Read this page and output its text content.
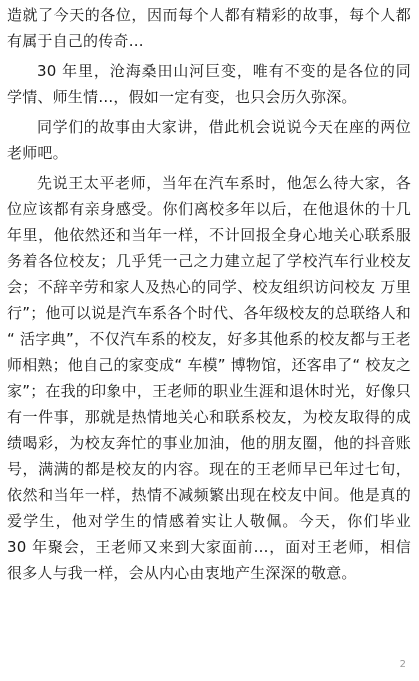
造就了今天的各位，因而每个人都有精彩的故事，每个人都有属于自己的传奇…

30 年里，沧海桑田山河巨变，唯有不变的是各位的同学情、师生情…，假如一定有变，也只会历久弥深。

同学们的故事由大家讲，借此机会说说今天在座的两位老师吧。

先说王太平老师，当年在汽车系时，他怎么待大家，各位应该都有亲身感受。你们离校多年以后，在他退休的十几年里，他依然还和当年一样，不计回报全身心地关心联系服务着各位校友；几乎凭一己之力建立起了学校汽车行业校友会；不辞辛劳和家人及热心的同学、校友组织访问校友 万里行”；他可以说是汽车系各个时代、各年级校友的总联络人和 “ 活字典”，不仅汽车系的校友，好多其他系的校友都与王老师相熟；他自己的家变成“ 车模” 博物馆，还客串了“ 校友之家”；在我的印象中，王老师的职业生涯和退休时光，好像只有一件事，那就是热情地关心和联系校友，为校友取得的成绩喝彩，为校友奔忙的事业加油，他的朋友圈，他的抖音账号，满满的都是校友的内容。现在的王老师早已年过七旬，依然和当年一样，热情不减频繁出现在校友中间。他是真的爱学生，他对学生的情感着实让人敬佩。今天，你们毕业 30 年聚会，王老师又来到大家面前…，面对王老师，相信很多人与我一样，会从内心由衷地产生深深的敬意。

2
